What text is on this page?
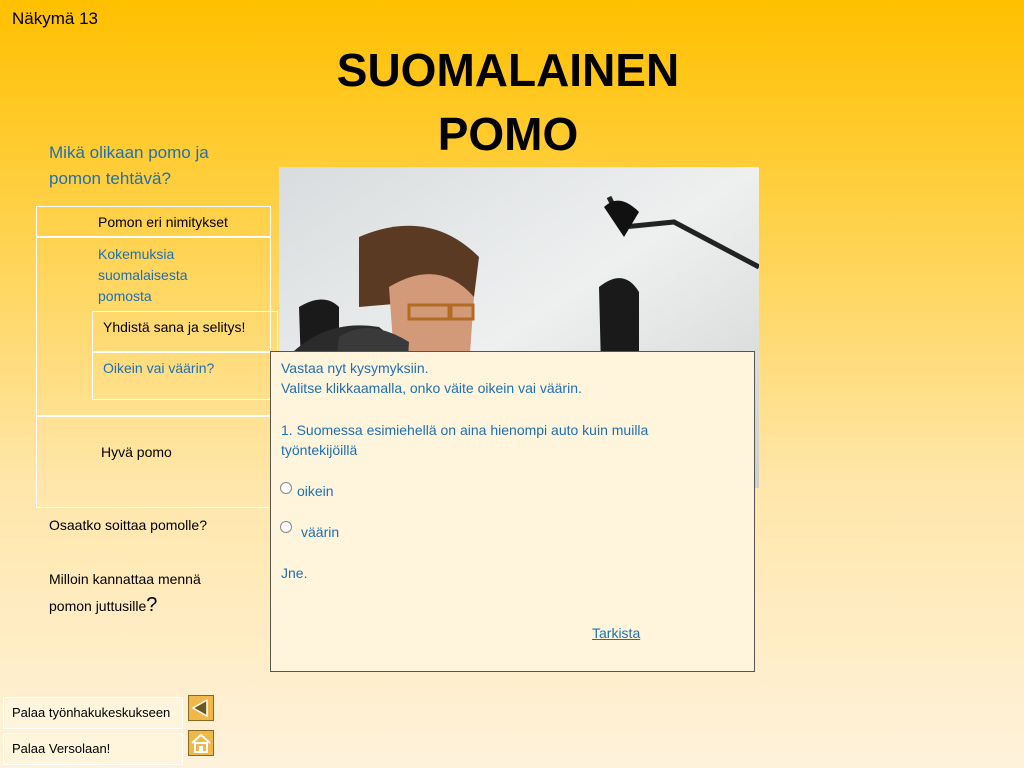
Näkymä 13
SUOMALAINEN
POMO
Mikä olikaan pomo ja pomon tehtävä?
Pomon eri nimitykset
Kokemuksia suomalaisesta pomosta
Yhdistä sana ja selitys!
Oikein vai väärin?
Hyvä pomo
Vastaa nyt kysymyksiin.
Valitse klikkaamalla, onko väite oikein vai väärin.
1. Suomessa esimiehellä on aina hienompi auto kuin muilla
työntekijöillä
oikein
väärin
Jne.
Tarkista
Osaatko soittaa pomolle?
Milloin kannattaa mennä
pomon juttusille?
Palaa työnhakukeskukseen
Palaa Versolaan!
